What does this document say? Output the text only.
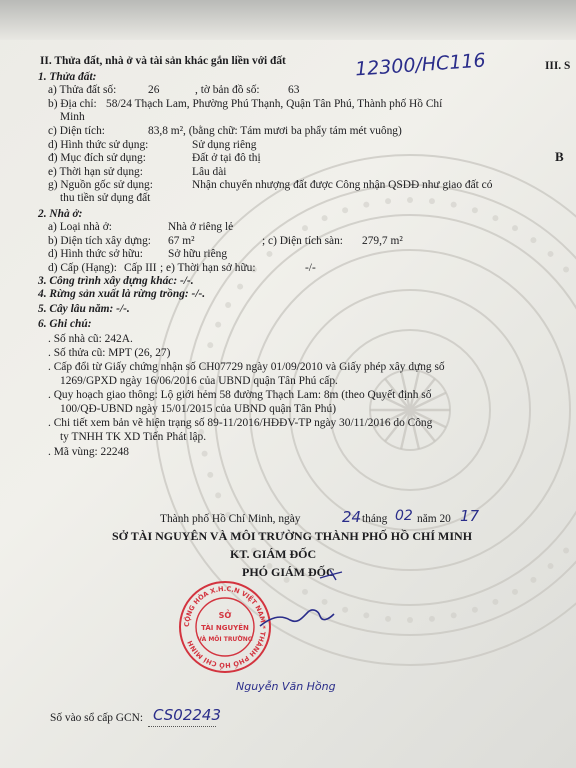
II. Thửa đất, nhà ở và tài sản khác gắn liền với đất	12300/HC116	III. S
B
1. Thửa đất:
a) Thửa đất số:	26	, tờ bản đồ số: 63
b) Địa chỉ: 58/24 Thạch Lam, Phường Phú Thạnh, Quận Tân Phú, Thành phố Hồ Chí
Minh
c) Diện tích:	83,8 m², (bằng chữ: Tám mươi ba phẩy tám mét vuông)
d) Hình thức sử dụng:	Sử dụng riêng
đ) Mục đích sử dụng:	Đất ở tại đô thị
e) Thời hạn sử dụng:	Lâu dài
g) Nguồn gốc sử dụng:	Nhận chuyển nhượng đất được Công nhận QSDĐ như giao đất có
thu tiền sử dụng đất
2. Nhà ở:
a) Loại nhà ở:	Nhà ở riêng lẻ
b) Diện tích xây dựng: 67 m²	; c) Diện tích sàn: 279,7 m²
d) Hình thức sở hữu: Sở hữu riêng
d) Cấp (Hạng): Cấp III ; e) Thời hạn sở hữu:	-/-
3. Công trình xây dựng khác: -/-.
4. Rừng sản xuất là rừng trồng: -/-.
5. Cây lâu năm: -/-.
6. Ghi chú:
. Số nhà cũ: 242A.
. Số thửa cũ: MPT (26, 27)
. Cấp đổi từ Giấy chứng nhận số CH07729 ngày 01/09/2010 và Giấy phép xây dựng số
1269/GPXD ngày 16/06/2016 của UBND quận Tân Phú cấp.
. Quy hoạch giao thông: Lộ giới hẻm 58 đường Thạch Lam: 8m (theo Quyết định số
100/QĐ-UBND ngày 15/01/2015 của UBND quận Tân Phú)
. Chi tiết xem bản vẽ hiện trạng số 89-11/2016/HĐĐV-TP ngày 30/11/2016 do Công
ty TNHH TK XD Tiến Phát lập.
. Mã vùng: 22248
Thành phố Hồ Chí Minh, ngày	24 tháng 02 năm 20 17
SỞ TÀI NGUYÊN VÀ MÔI TRƯỜNG THÀNH PHỐ HỒ CHÍ MINH
KT. GIÁM ĐỐC
PHÓ GIÁM ĐỐC
CỘNG HÒA X.H.C.N VIỆT NAM * THÀNH PHỐ HỒ CHÍ MINH
SỞ
TÀI NGUYÊN
VÀ MÔI TRƯỜNG
Nguyễn Văn Hồng
Số vào sổ cấp GCN: CS02243
